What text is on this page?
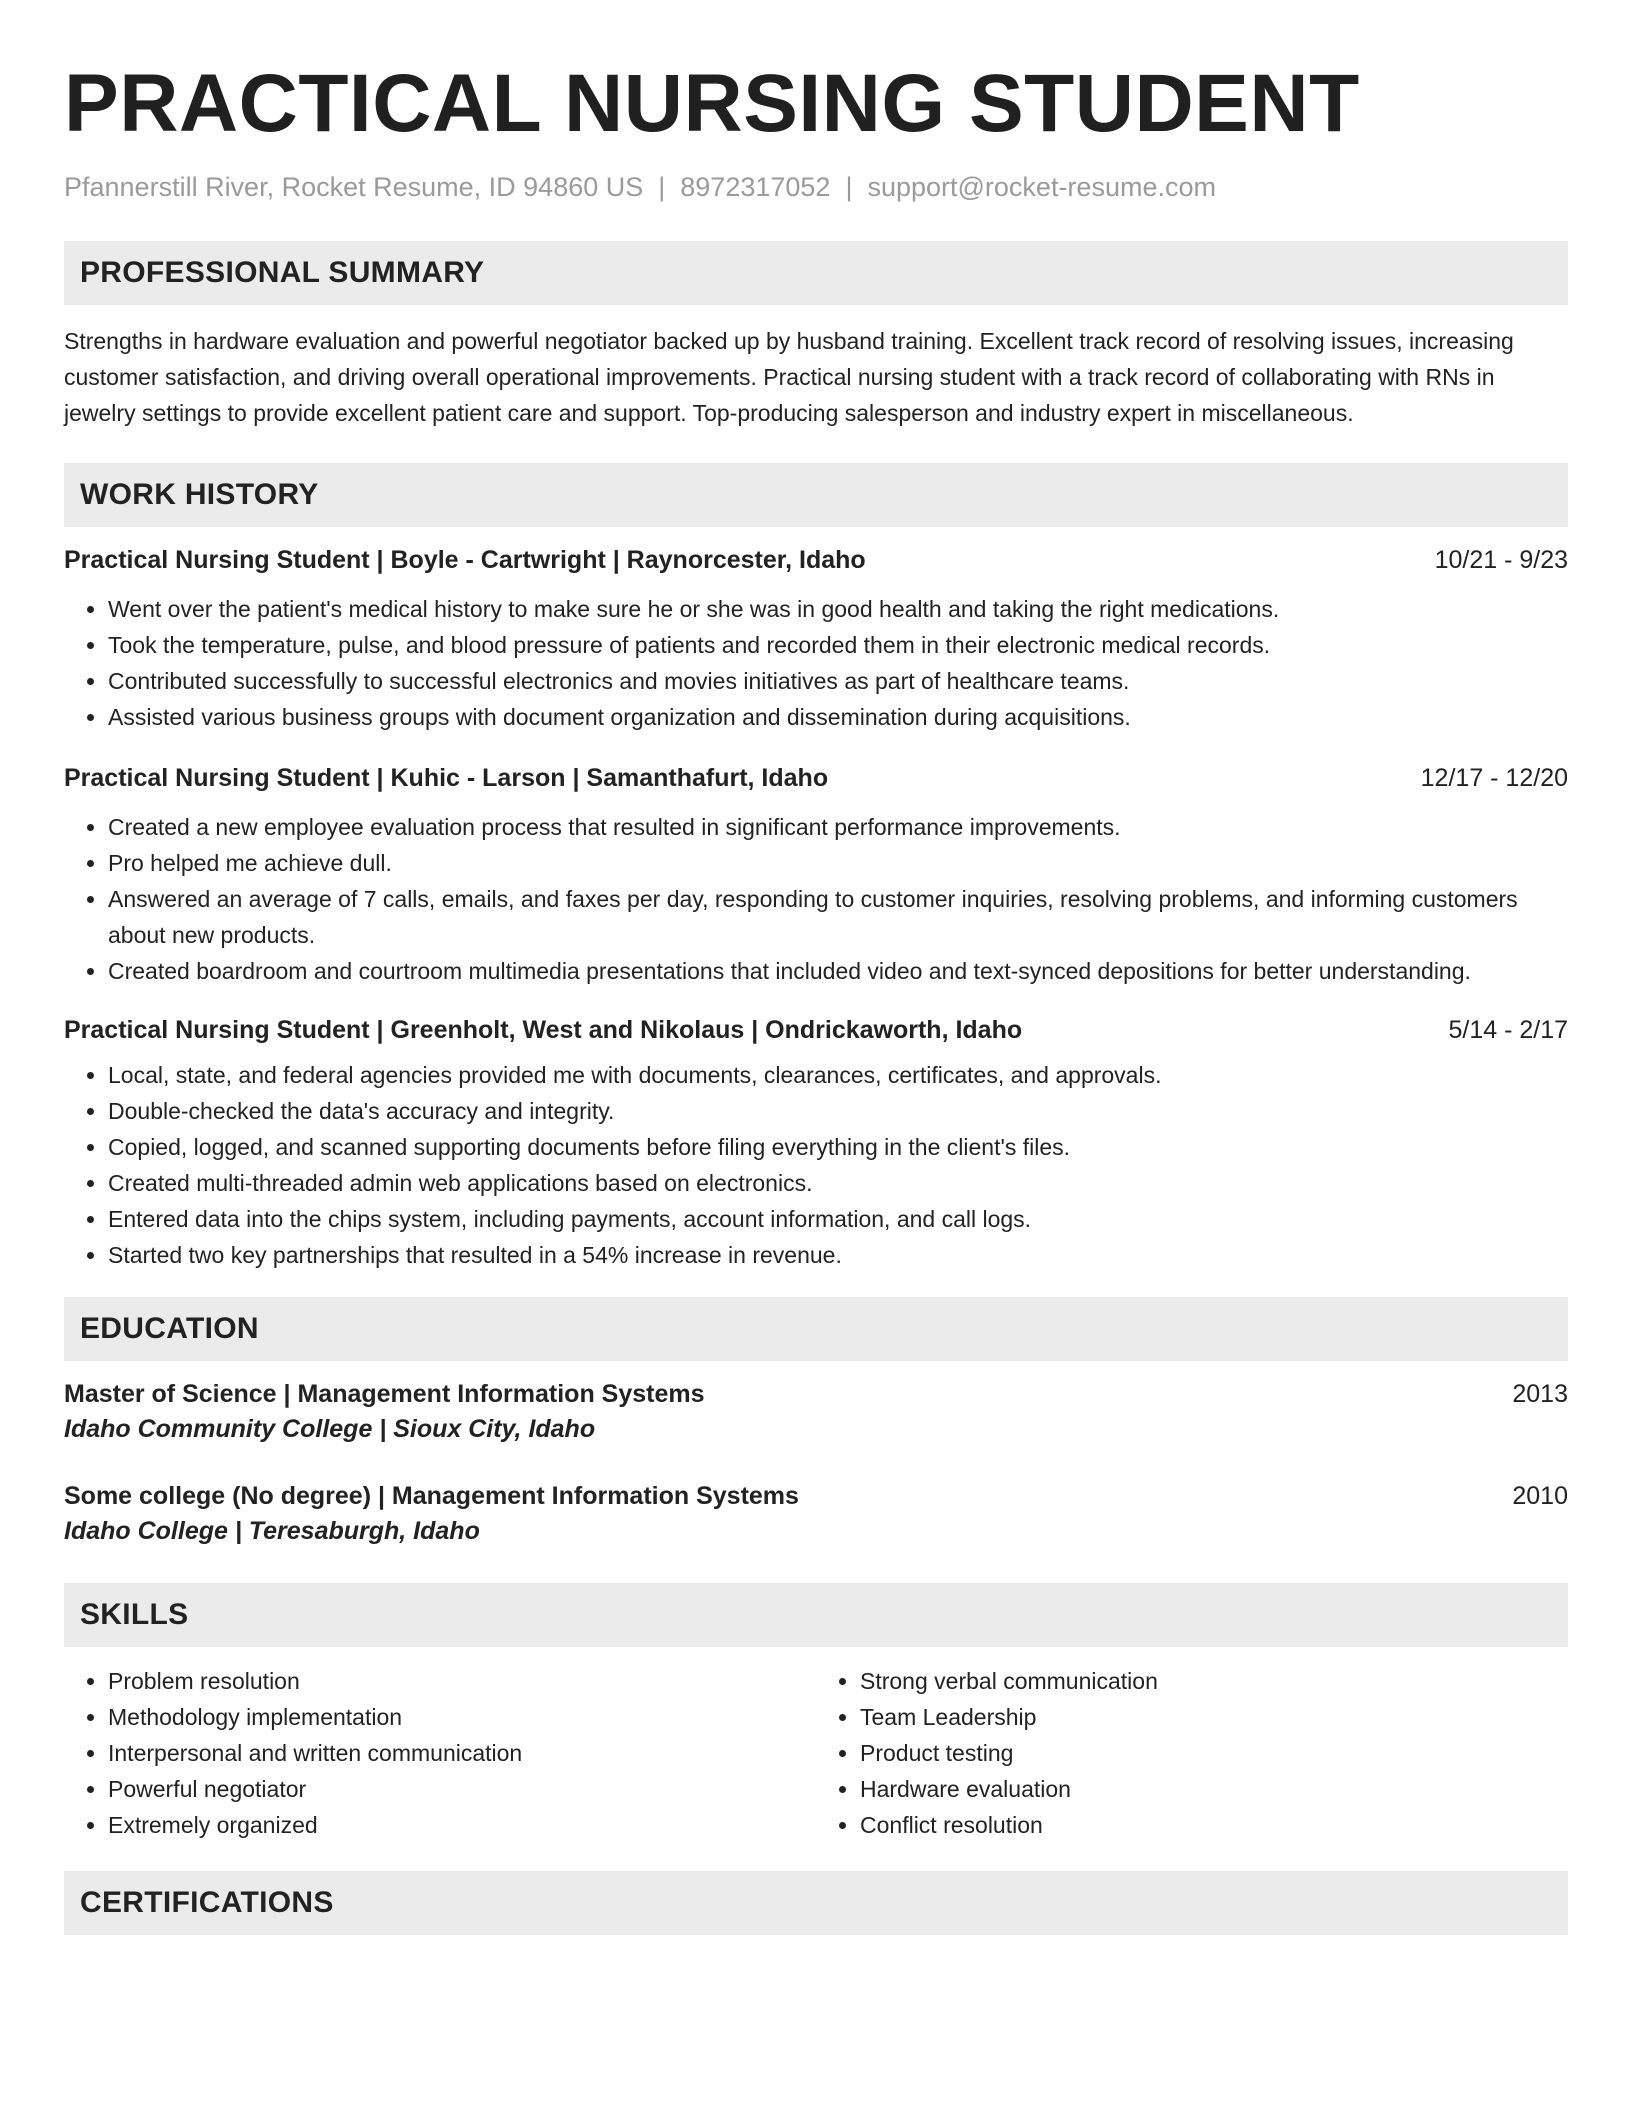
PRACTICAL NURSING STUDENT
Pfannerstill River, Rocket Resume, ID 94860 US | 8972317052 | support@rocket-resume.com
PROFESSIONAL SUMMARY

Strengths in hardware evaluation and powerful negotiator backed up by husband training. Excellent track record of resolving issues, increasing customer satisfaction, and driving overall operational improvements. Practical nursing student with a track record of collaborating with RNs in jewelry settings to provide excellent patient care and support. Top-producing salesperson and industry expert in miscellaneous.

WORK HISTORY
Practical Nursing Student | Boyle - Cartwright | Raynorcester, Idaho	10/21 - 9/23
• Went over the patient's medical history to make sure he or she was in good health and taking the right medications.
• Took the temperature, pulse, and blood pressure of patients and recorded them in their electronic medical records.
• Contributed successfully to successful electronics and movies initiatives as part of healthcare teams.
• Assisted various business groups with document organization and dissemination during acquisitions.
Practical Nursing Student | Kuhic - Larson | Samanthafurt, Idaho	12/17 - 12/20
• Created a new employee evaluation process that resulted in significant performance improvements.
• Pro helped me achieve dull.
• Answered an average of 7 calls, emails, and faxes per day, responding to customer inquiries, resolving problems, and informing customers about new products.
• Created boardroom and courtroom multimedia presentations that included video and text-synced depositions for better understanding.
Practical Nursing Student | Greenholt, West and Nikolaus | Ondrickaworth, Idaho	5/14 - 2/17
• Local, state, and federal agencies provided me with documents, clearances, certificates, and approvals.
• Double-checked the data's accuracy and integrity.
• Copied, logged, and scanned supporting documents before filing everything in the client's files.
• Created multi-threaded admin web applications based on electronics.
• Entered data into the chips system, including payments, account information, and call logs.
• Started two key partnerships that resulted in a 54% increase in revenue.
EDUCATION
Master of Science | Management Information Systems	2013
Idaho Community College | Sioux City, Idaho
Some college (No degree) | Management Information Systems	2010
Idaho College | Teresaburgh, Idaho
SKILLS
• Problem resolution
• Methodology implementation
• Interpersonal and written communication
• Powerful negotiator
• Extremely organized
• Strong verbal communication
• Team Leadership
• Product testing
• Hardware evaluation
• Conflict resolution
CERTIFICATIONS
